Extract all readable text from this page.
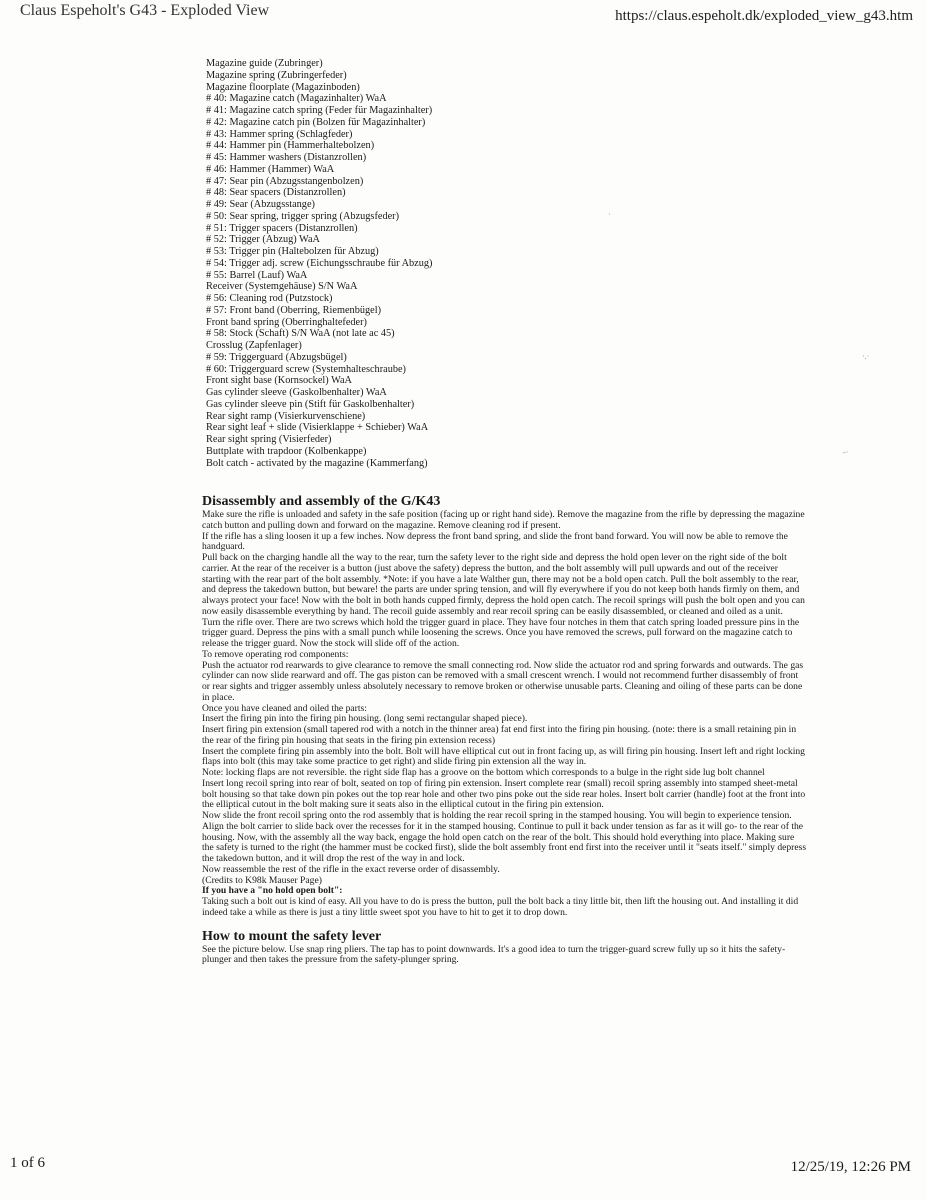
Claus Espeholt's G43 - Exploded View	https://claus.espeholt.dk/exploded_view_g43.htm
Magazine guide (Zubringer)
Magazine spring (Zubringerfeder)
Magazine floorplate (Magazinboden)
# 40: Magazine catch (Magazinhalter) WaA
# 41: Magazine catch spring (Feder für Magazinhalter)
# 42: Magazine catch pin (Bolzen für Magazinhalter)
# 43: Hammer spring (Schlagfeder)
# 44: Hammer pin (Hammerhaltebolzen)
# 45: Hammer washers (Distanzrollen)
# 46: Hammer (Hammer) WaA
# 47: Sear pin (Abzugsstangenbolzen)
# 48: Sear spacers (Distanzrollen)
# 49: Sear (Abzugsstange)
# 50: Sear spring, trigger spring (Abzugsfeder)
# 51: Trigger spacers (Distanzrollen)
# 52: Trigger (Abzug) WaA
# 53: Trigger pin (Haltebolzen für Abzug)
# 54: Trigger adj. screw (Eichungsschraube für Abzug)
# 55: Barrel (Lauf) WaA
Receiver (Systemgehäuse) S/N WaA
# 56: Cleaning rod (Putzstock)
# 57: Front band (Oberring, Riemenbügel)
Front band spring (Oberringhaltefeder)
# 58: Stock (Schaft) S/N WaA (not late ac 45)
Crosslug (Zapfenlager)
# 59: Triggerguard (Abzugsbügel)
# 60: Triggerguard screw (Systemhalteschraube)
Front sight base (Kornsockel) WaA
Gas cylinder sleeve (Gaskolbenhalter) WaA
Gas cylinder sleeve pin (Stift für Gaskolbenhalter)
Rear sight ramp (Visierkurvenschiene)
Rear sight leaf + slide (Visierklappe + Schieber) WaA
Rear sight spring (Visierfeder)
Buttplate with trapdoor (Kolbenkappe)
Bolt catch - activated by the magazine (Kammerfang)
Disassembly and assembly of the G/K43

Make sure the rifle is unloaded and safety in the safe position (facing up or right hand side). Remove the magazine from the rifle by depressing the magazine catch button and pulling down and forward on the magazine. Remove cleaning rod if present.

If the rifle has a sling loosen it up a few inches. Now depress the front band spring, and slide the front band forward. You will now be able to remove the handguard.

Pull back on the charging handle all the way to the rear, turn the safety lever to the right side and depress the hold open lever on the right side of the bolt carrier. At the rear of the receiver is a button (just above the safety) depress the button, and the bolt assembly will pull upwards and out of the receiver starting with the rear part of the bolt assembly. *Note: if you have a late Walther gun, there may not be a bold open catch. Pull the bolt assembly to the rear, and depress the takedown button, but beware! the parts are under spring tension, and will fly everywhere if you do not keep both hands firmly on them, and always protect your face! Now with the bolt in both hands cupped firmly, depress the hold open catch. The recoil springs will push the bolt open and you can now easily disassemble everything by hand. The recoil guide assembly and rear recoil spring can be easily disassembled, or cleaned and oiled as a unit.

Turn the rifle over. There are two screws which hold the trigger guard in place. They have four notches in them that catch spring loaded pressure pins in the trigger guard. Depress the pins with a small punch while loosening the screws. Once you have removed the screws, pull forward on the magazine catch to release the trigger guard. Now the stock will slide off of the action.

To remove operating rod components:

Push the actuator rod rearwards to give clearance to remove the small connecting rod. Now slide the actuator rod and spring forwards and outwards. The gas cylinder can now slide rearward and off. The gas piston can be removed with a small crescent wrench. I would not recommend further disassembly of front or rear sights and trigger assembly unless absolutely necessary to remove broken or otherwise unusable parts. Cleaning and oiling of these parts can be done in place.

Once you have cleaned and oiled the parts:

Insert the firing pin into the firing pin housing. (long semi rectangular shaped piece).

Insert firing pin extension (small tapered rod with a notch in the thinner area) fat end first into the firing pin housing. (note: there is a small retaining pin in the rear of the firing pin housing that seats in the firing pin extension recess)

Insert the complete firing pin assembly into the bolt. Bolt will have elliptical cut out in front facing up, as will firing pin housing. Insert left and right locking flaps into bolt (this may take some practice to get right) and slide firing pin extension all the way in.

Note: locking flaps are not reversible. the right side flap has a groove on the bottom which corresponds to a bulge in the right side lug bolt channel

Insert long recoil spring into rear of bolt, seated on top of firing pin extension. Insert complete rear (small) recoil spring assembly into stamped sheet-metal bolt housing so that take down pin pokes out the top rear hole and other two pins poke out the side rear holes. Insert bolt carrier (handle) foot at the front into the elliptical cutout in the bolt making sure it seats also in the elliptical cutout in the firing pin extension.

Now slide the front recoil spring onto the rod assembly that is holding the rear recoil spring in the stamped housing. You will begin to experience tension. Align the bolt carrier to slide back over the recesses for it in the stamped housing. Continue to pull it back under tension as far as it will go- to the rear of the housing. Now, with the assembly all the way back, engage the hold open catch on the rear of the bolt. This should hold everything into place. Making sure the safety is turned to the right (the hammer must be cocked first), slide the bolt assembly front end first into the receiver until it "seats itself." simply depress the takedown button, and it will drop the rest of the way in and lock.

Now reassemble the rest of the rifle in the exact reverse order of disassembly.

(Credits to K98k Mauser Page)

If you have a "no hold open bolt":

Taking such a bolt out is kind of easy. All you have to do is press the button, pull the bolt back a tiny little bit, then lift the housing out. And installing it did indeed take a while as there is just a tiny little sweet spot you have to hit to get it to drop down.

How to mount the safety lever

See the picture below. Use snap ring pliers. The tap has to point downwards. It's a good idea to turn the trigger-guard screw fully up so it hits the safety-plunger and then takes the pressure from the safety-plunger spring.

·.·
-·
·
1 of 6	12/25/19, 12:26 PM
